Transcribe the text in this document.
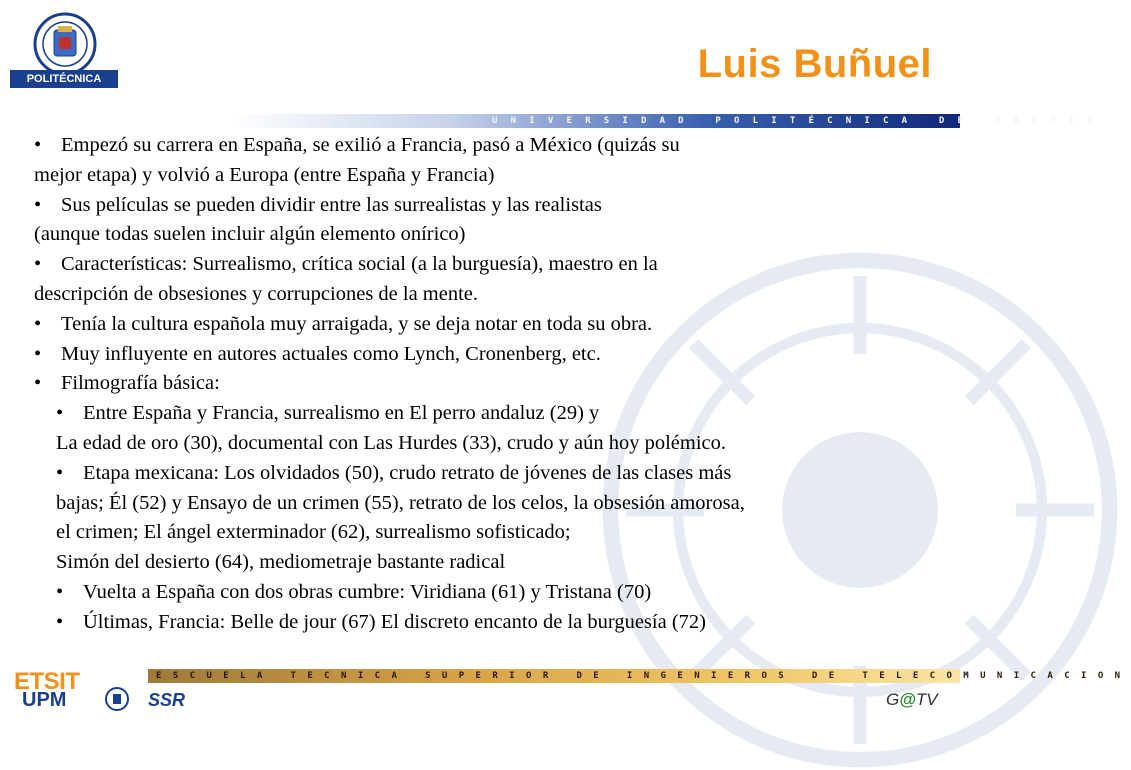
POLITÉCNICA	Luis Buñuel
UNIVERSIDAD POLITÉCNICA DE MADRID
• Empezó su carrera en España, se exilió a Francia, pasó a México (quizás su
mejor etapa) y volvió a Europa (entre España y Francia)
• Sus películas se pueden dividir entre las surrealistas y las realistas
(aunque todas suelen incluir algún elemento onírico)
• Características: Surrealismo, crítica social (a la burguesía), maestro en la
descripción de obsesiones y corrupciones de la mente.
• Tenía la cultura española muy arraigada, y se deja notar en toda su obra.
• Muy influyente en autores actuales como Lynch, Cronenberg, etc.
• Filmografía básica:
• Entre España y Francia, surrealismo en El perro andaluz (29) y
La edad de oro (30), documental con Las Hurdes (33), crudo y aún hoy polémico.
• Etapa mexicana: Los olvidados (50), crudo retrato de jóvenes de las clases más
bajas; Él (52) y Ensayo de un crimen (55), retrato de los celos, la obsesión amorosa,
el crimen; El ángel exterminador (62), surrealismo sofisticado;
Simón del desierto (64), mediometraje bastante radical
• Vuelta a España con dos obras cumbre: Viridiana (61) y Tristana (70)
• Últimas, Francia: Belle de jour (67) El discreto encanto de la burguesía (72)
ESCUELA TECNICA SUPERIOR DE INGENIEROS DE TELECOMUNICACION
ETSIT
UPM	SSR	G@TV
